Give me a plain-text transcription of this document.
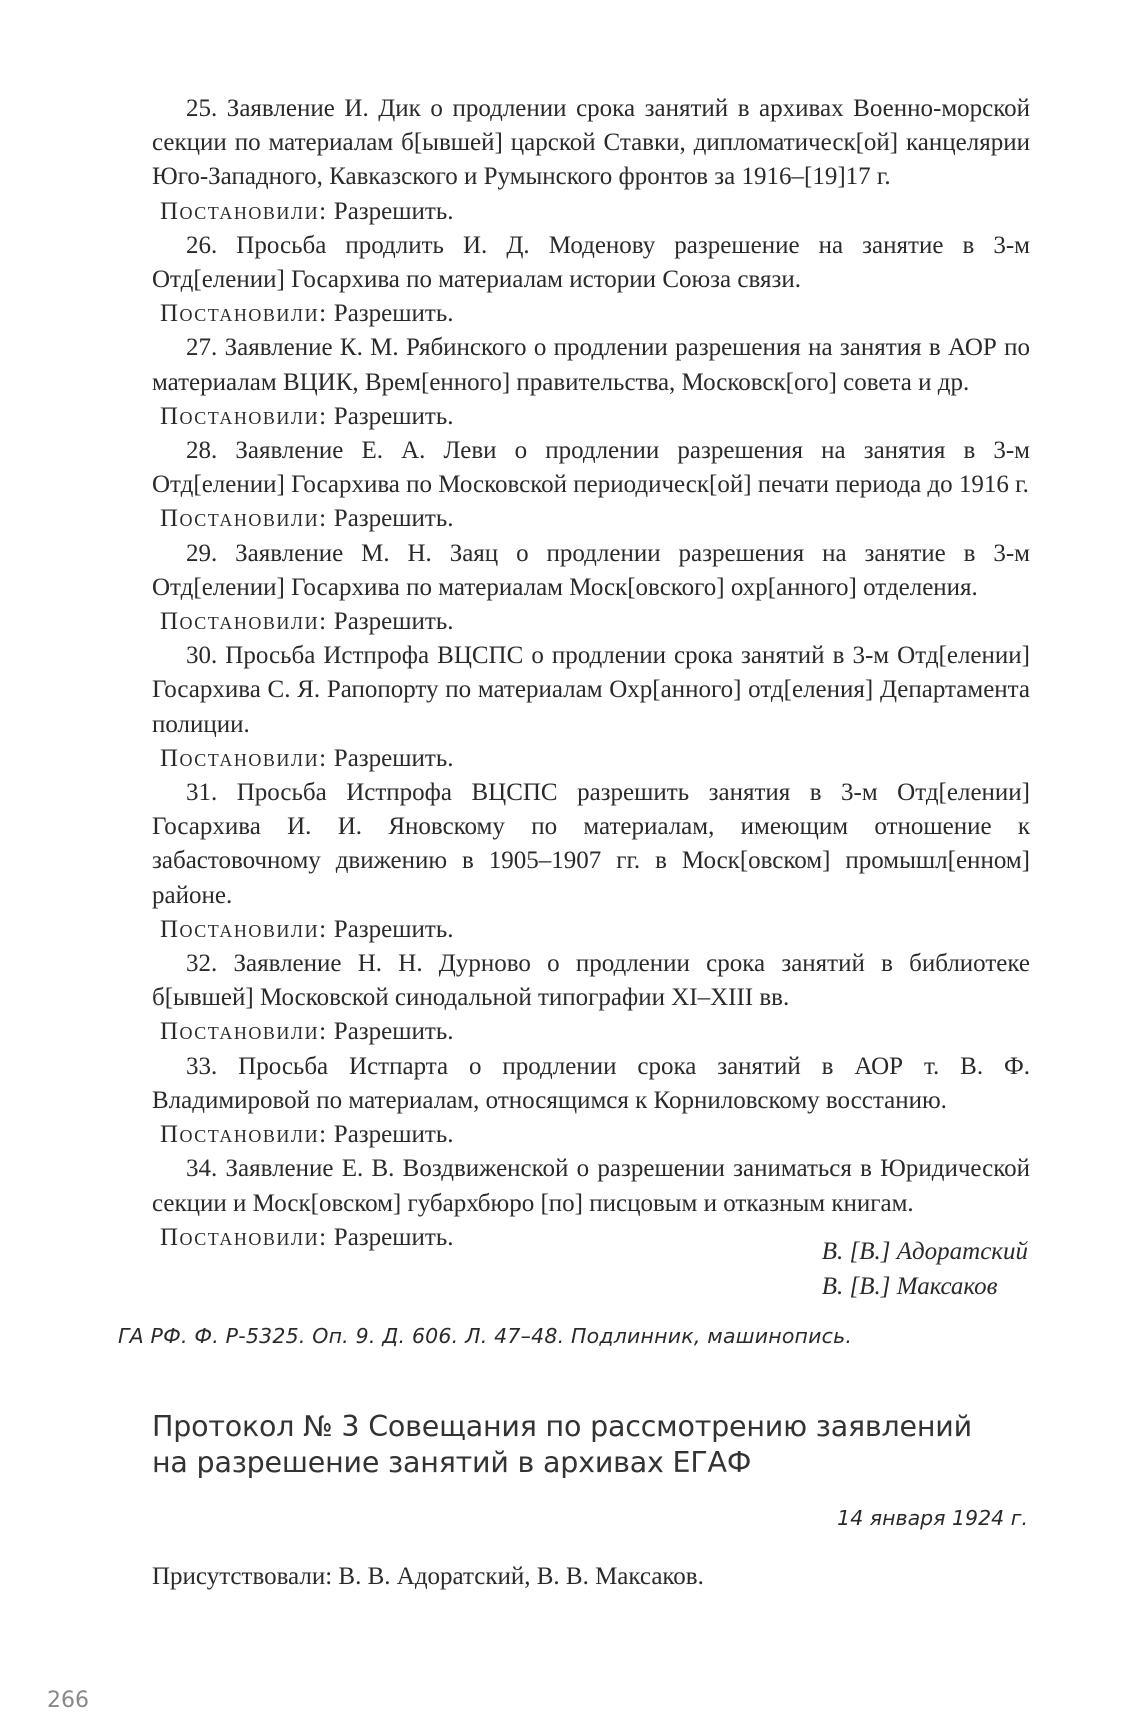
25. Заявление И. Дик о продлении срока занятий в архивах Военно-морской секции по материалам б[ывшей] царской Ставки, дипломатическ[ой] канцелярии Юго-Западного, Кавказского и Румынского фронтов за 1916–[19]17 г.

Постановили: Разрешить.

26. Просьба продлить И. Д. Моденову разрешение на занятие в 3-м Отд[елении] Госархива по материалам истории Союза связи.

Постановили: Разрешить.

27. Заявление К. М. Рябинского о продлении разрешения на занятия в АОР по материалам ВЦИК, Врем[енного] правительства, Московск[ого] совета и др.

Постановили: Разрешить.

28. Заявление Е. А. Леви о продлении разрешения на занятия в 3-м Отд[елении] Госархива по Московской периодическ[ой] печати периода до 1916 г.

Постановили: Разрешить.

29. Заявление М. Н. Заяц о продлении разрешения на занятие в 3-м Отд[елении] Госархива по материалам Моск[овского] охр[анного] отделения.

Постановили: Разрешить.

30. Просьба Истпрофа ВЦСПС о продлении срока занятий в 3-м Отд[елении] Госархива С. Я. Рапопорту по материалам Охр[анного] отд[еления] Департамента полиции.

Постановили: Разрешить.

31. Просьба Истпрофа ВЦСПС разрешить занятия в 3-м Отд[елении] Госархива И. И. Яновскому по материалам, имеющим отношение к забастовочному движению в 1905–1907 гг. в Моск[овском] промышл[енном] районе.

Постановили: Разрешить.

32. Заявление Н. Н. Дурново о продлении срока занятий в библиотеке б[ывшей] Московской синодальной типографии XI–XIII вв.

Постановили: Разрешить.

33. Просьба Истпарта о продлении срока занятий в АОР т. В. Ф. Владимировой по материалам, относящимся к Корниловскому восстанию.

Постановили: Разрешить.

34. Заявление Е. В. Воздвиженской о разрешении заниматься в Юридической секции и Моск[овском] губархбюро [по] писцовым и отказным книгам.

Постановили: Разрешить.

В. [В.] Адоратский
В. [В.] Максаков
ГА РФ. Ф. Р-5325. Оп. 9. Д. 606. Л. 47–48. Подлинник, машинопись.
Протокол № 3 Совещания по рассмотрению заявлений на разрешение занятий в архивах ЕГАФ
14 января 1924 г.
Присутствовали: В. В. Адоратский, В. В. Максаков.
266
